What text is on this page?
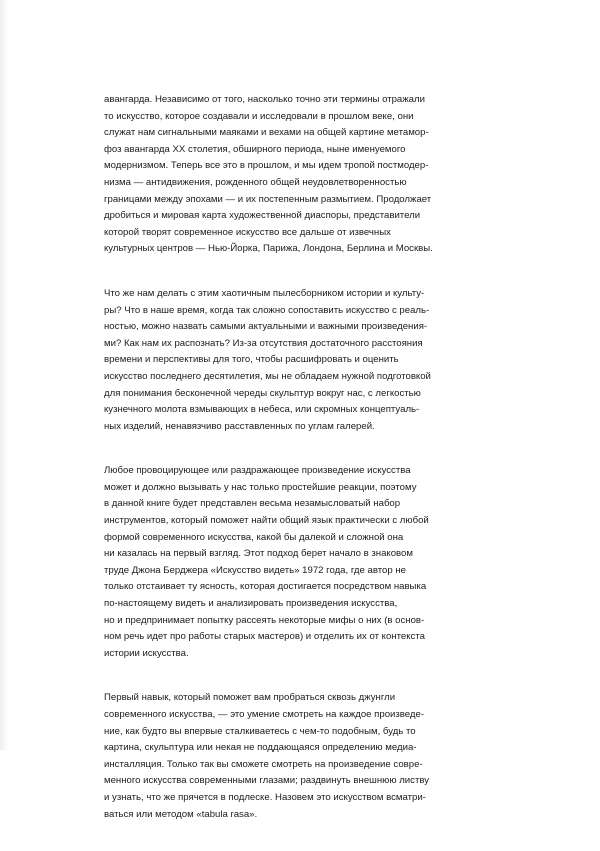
авангарда. Независимо от того, насколько точно эти термины отражали
то искусство, которое создавали и исследовали в прошлом веке, они
служат нам сигнальными маяками и вехами на общей картине метамор-
фоз авангарда XX столетия, обширного периода, ныне именуемого
модернизмом. Теперь все это в прошлом, и мы идем тропой постмодер-
низма — антидвижения, рожденного общей неудовлетворенностью
границами между эпохами — и их постепенным размытием. Продолжает
дробиться и мировая карта художественной диаспоры, представители
которой творят современное искусство все дальше от извечных
культурных центров — Нью-Йорка, Парижа, Лондона, Берлина и Москвы.
Что же нам делать с этим хаотичным пылесборником истории и культу-
ры? Что в наше время, когда так сложно сопоставить искусство с реаль-
ностью, можно назвать самыми актуальными и важными произведения-
ми? Как нам их распознать? Из-за отсутствия достаточного расстояния
времени и перспективы для того, чтобы расшифровать и оценить
искусство последнего десятилетия, мы не обладаем нужной подготовкой
для понимания бесконечной череды скульптур вокруг нас, с легкостью
кузнечного молота взмывающих в небеса, или скромных концептуаль-
ных изделий, ненавязчиво расставленных по углам галерей.
Любое провоцирующее или раздражающее произведение искусства
может и должно вызывать у нас только простейшие реакции, поэтому
в данной книге будет представлен весьма незамысловатый набор
инструментов, который поможет найти общий язык практически с любой
формой современного искусства, какой бы далекой и сложной она
ни казалась на первый взгляд. Этот подход берет начало в знаковом
труде Джона Берджера «Искусство видеть» 1972 года, где автор не
только отстаивает ту ясность, которая достигается посредством навыка
по-настоящему видеть и анализировать произведения искусства,
но и предпринимает попытку рассеять некоторые мифы о них (в основ-
ном речь идет про работы старых мастеров) и отделить их от контекста
истории искусства.
Первый навык, который поможет вам пробраться сквозь джунгли
современного искусства, — это умение смотреть на каждое произведе-
ние, как будто вы впервые сталкиваетесь с чем-то подобным, будь то
картина, скульптура или некая не поддающаяся определению медиа-
инсталляция. Только так вы сможете смотреть на произведение совре-
менного искусства современными глазами; раздвинуть внешнюю листву
и узнать, что же прячется в подлеске. Назовем это искусством всматри-
ваться или методом «tabula rasa».
